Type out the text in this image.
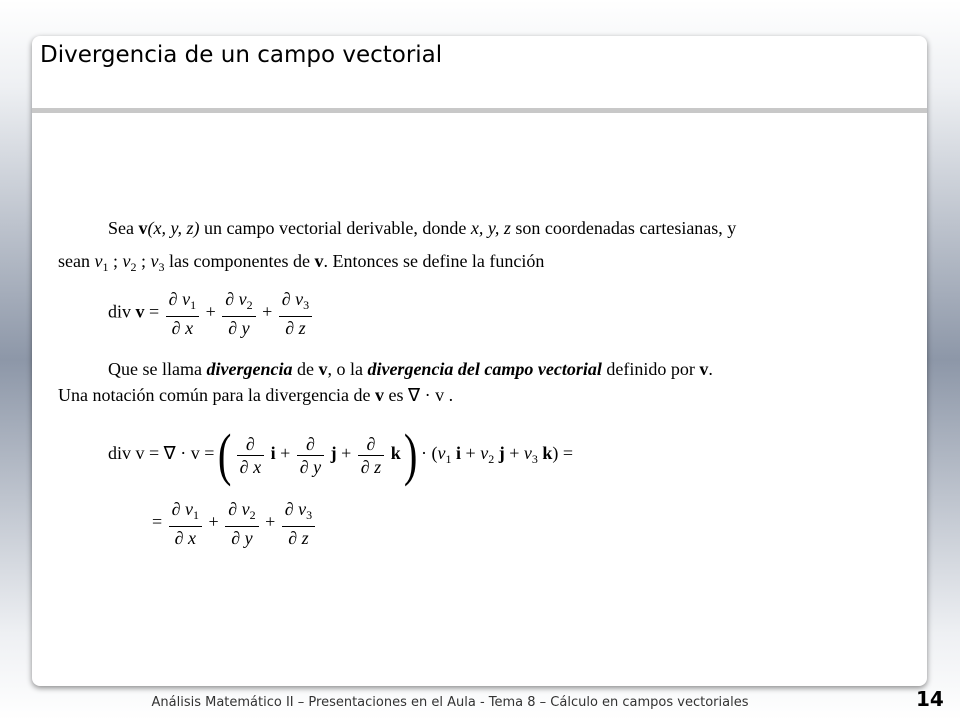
Divergencia de un campo vectorial
Sea v(x, y, z) un campo vectorial derivable, donde x, y, z son coordenadas cartesianas, y
sean $v_1$ ; $v_2$ ; $v_3$ las componentes de v. Entonces se define la función
div $v = \frac{\partial v_1}{\partial x} + \frac{\partial v_2}{\partial y} + \frac{\partial v_3}{\partial z}$
Que se llama divergencia de v, o la divergencia del campo vectorial definido por v.
Una notación común para la divergencia de v es ∇ · v .
div v = ∇ · v = ( $\frac{\partial}{\partial x}$ $i + \frac{\partial}{\partial y}$ $j + \frac{\partial}{\partial z}$ k ) · ($v_1$ $i + v_2$ $j + v_3$ k) =
= $\frac{\partial v_1}{\partial x} + \frac{\partial v_2}{\partial y} + \frac{\partial v_3}{\partial z}$
Análisis Matemático II – Presentaciones en el Aula - Tema 8 – Cálculo en campos vectoriales	14
